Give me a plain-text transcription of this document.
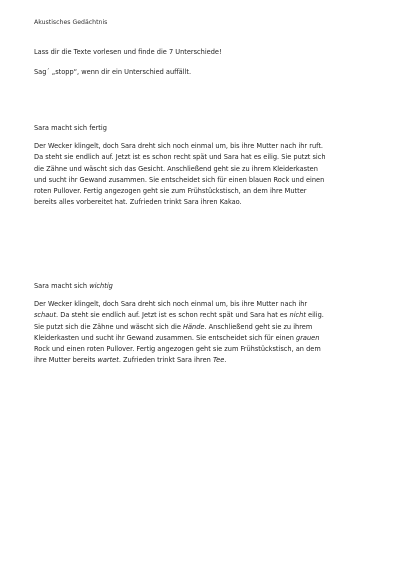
Akustisches Gedächtnis
Lass dir die Texte vorlesen und finde die 7 Unterschiede!
Sag´ „stopp“, wenn dir ein Unterschied auffällt.
Sara macht sich fertig
Der Wecker klingelt, doch Sara dreht sich noch einmal um, bis ihre Mutter nach ihr ruft.
Da steht sie endlich auf. Jetzt ist es schon recht spät und Sara hat es eilig. Sie putzt sich
die Zähne und wäscht sich das Gesicht. Anschließend geht sie zu ihrem Kleiderkasten
und sucht ihr Gewand zusammen. Sie entscheidet sich für einen blauen Rock und einen
roten Pullover. Fertig angezogen geht sie zum Frühstückstisch, an dem ihre Mutter
bereits alles vorbereitet hat. Zufrieden trinkt Sara ihren Kakao.
Sara macht sich wichtig
Der Wecker klingelt, doch Sara dreht sich noch einmal um, bis ihre Mutter nach ihr
schaut. Da steht sie endlich auf. Jetzt ist es schon recht spät und Sara hat es nicht eilig.
Sie putzt sich die Zähne und wäscht sich die Hände. Anschließend geht sie zu ihrem
Kleiderkasten und sucht ihr Gewand zusammen. Sie entscheidet sich für einen grauen
Rock und einen roten Pullover. Fertig angezogen geht sie zum Frühstückstisch, an dem
ihre Mutter bereits wartet. Zufrieden trinkt Sara ihren Tee.
